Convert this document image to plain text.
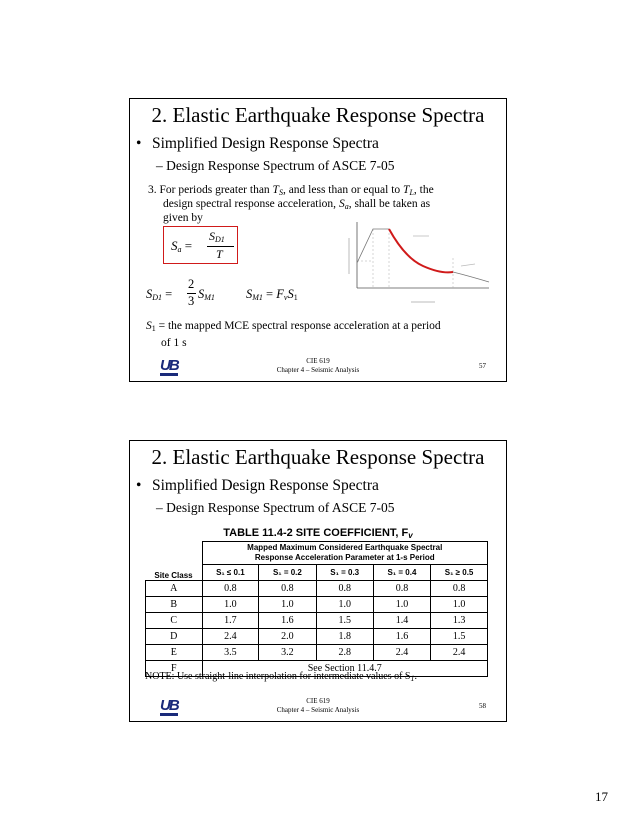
2. Elastic Earthquake Response Spectra
• Simplified Design Response Spectra
– Design Response Spectrum of ASCE 7-05
3. For periods greater than $T_S$, and less than or equal to $T_L$, the
design spectral response acceleration, $S_a$, shall be taken as
given by
$S_a$ =
$S_{D1}$
T
$S_{D1}$ =
2
3 $S_{M1}$ $S_{M1} = F_vS_1$
$S_1$ = the mapped MCE spectral response acceleration at a period
of 1 s
UB	CIE 619
Chapter 4 – Seismic Analysis	57
2. Elastic Earthquake Response Spectra
• Simplified Design Response Spectra
– Design Response Spectrum of ASCE 7-05
TABLE 11.4-2 SITE COEFFICIENT, $F_v$
Site Class	Mapped Maximum Considered Earthquake Spectral
Response Acceleration Parameter at 1-s Period				

	S₁ ≤ 0.1	S₁ = 0.2	S₁ = 0.3	S₁ = 0.4	S₁ ≥ 0.5
A	0.8	0.8	0.8	0.8	0.8
B	1.0	1.0	1.0	1.0	1.0
C	1.7	1.6	1.5	1.4	1.3
D	2.4	2.0	1.8	1.6	1.5
E	3.5	3.2	2.8	2.4	2.4
F	See Section 11.4.7				
NOTE: Use straight-line interpolation for intermediate values of $S_1$.
UB	CIE 619
Chapter 4 – Seismic Analysis	58
17
